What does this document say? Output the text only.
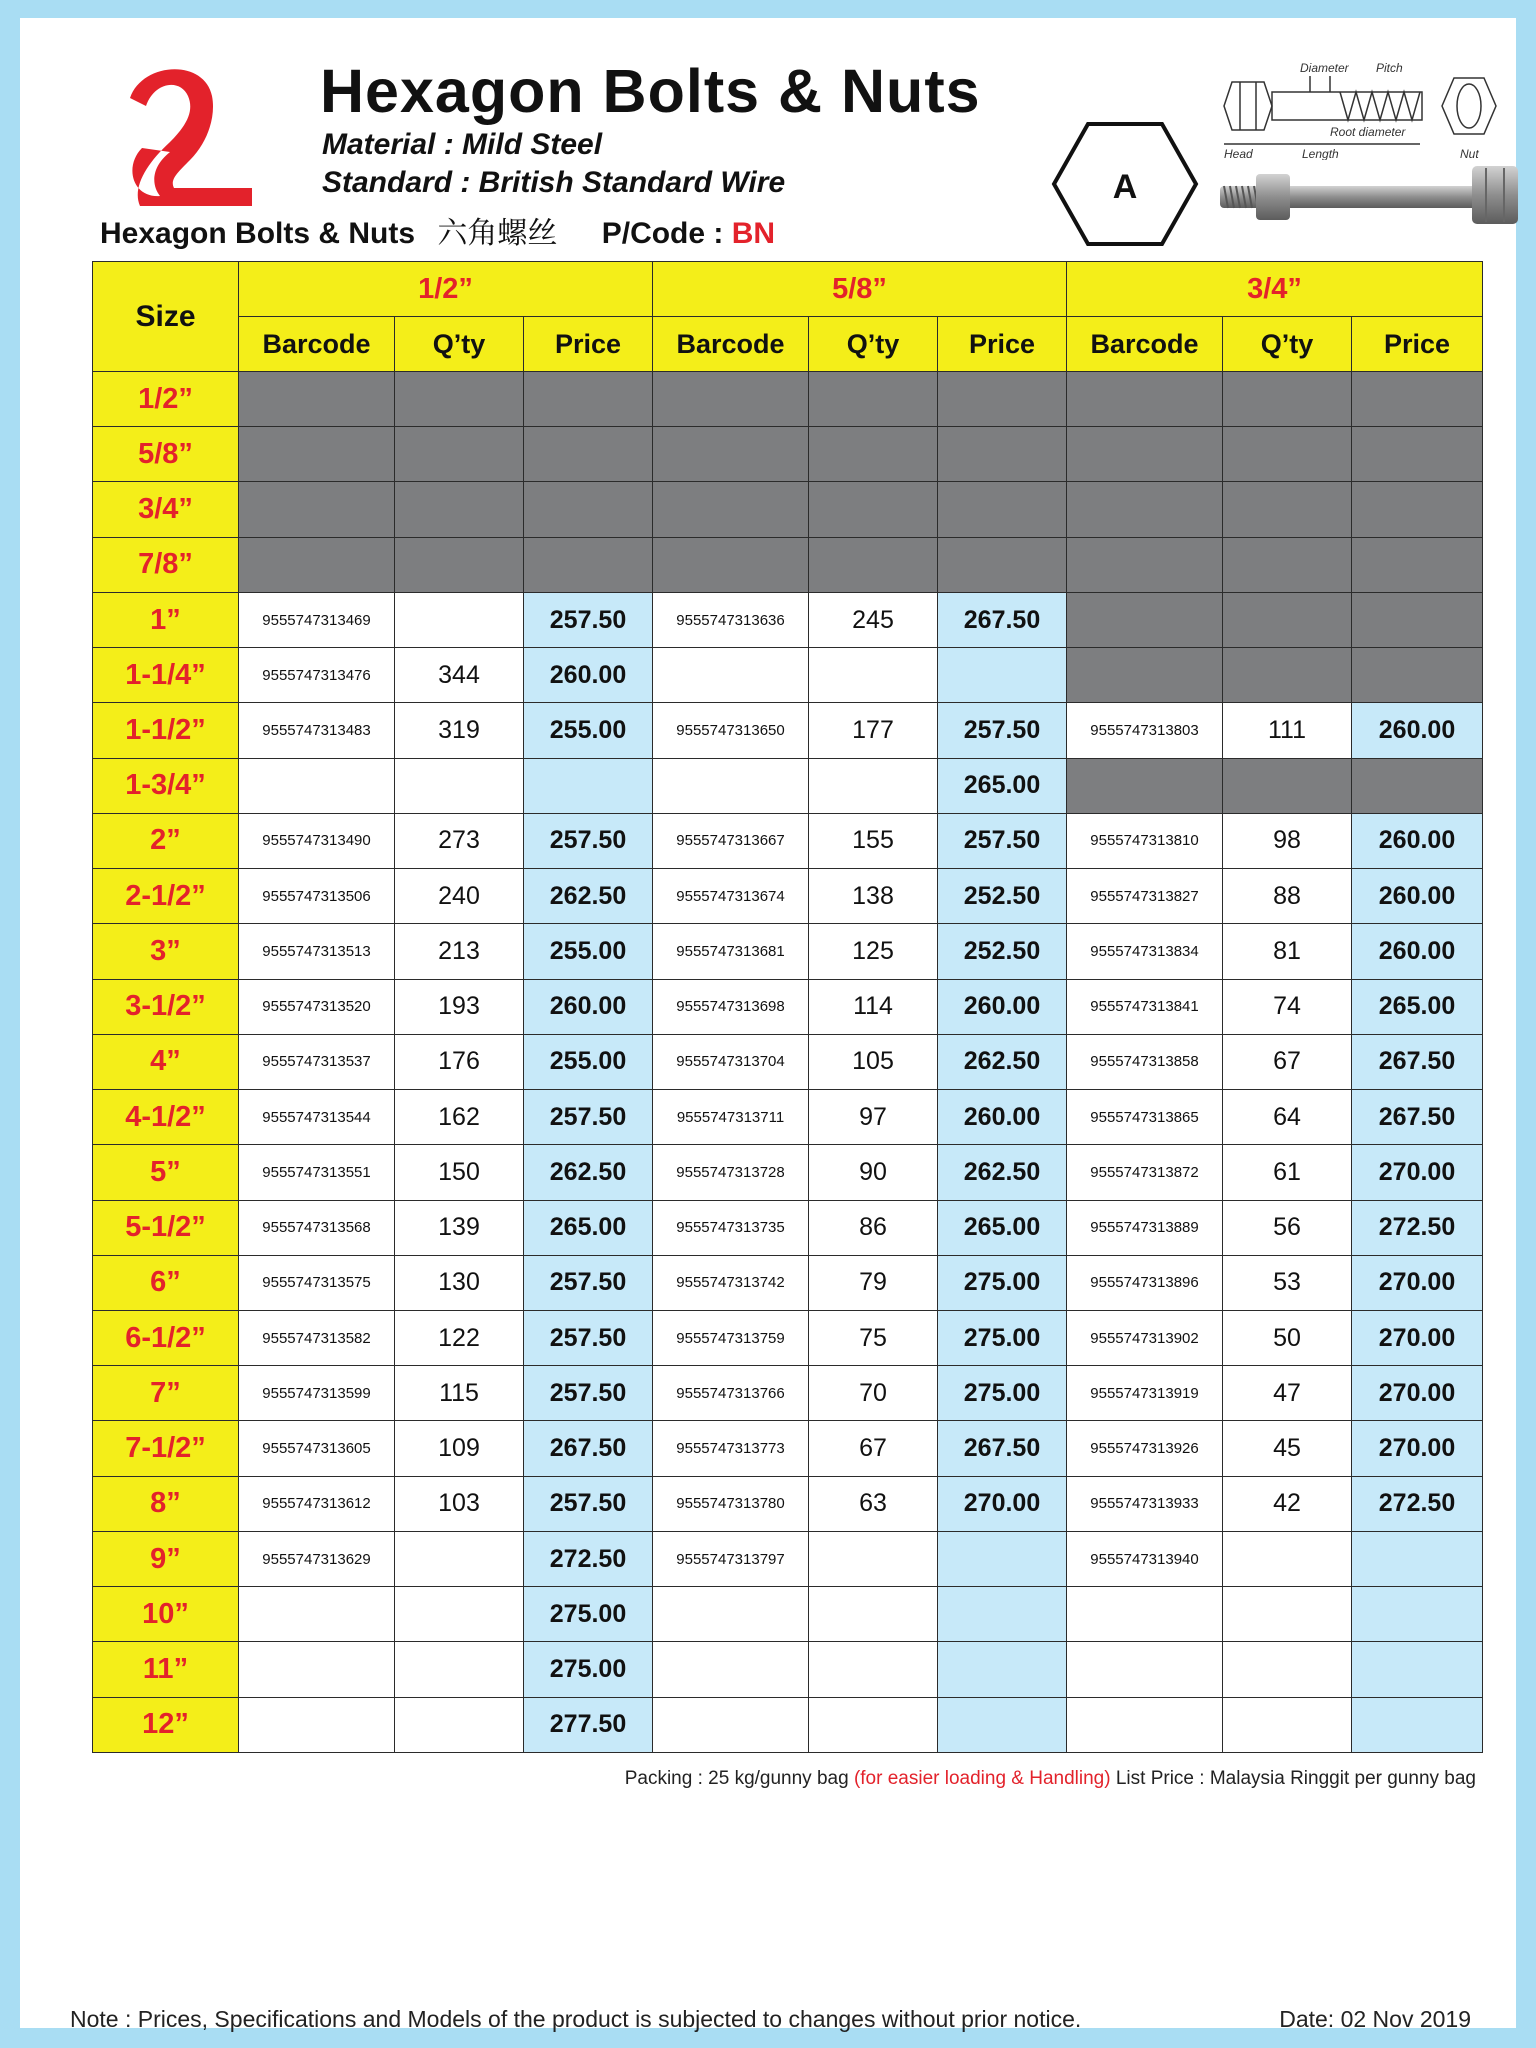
Hexagon Bolts & Nuts
Material : Mild Steel
Standard : British Standard Wire
Hexagon Bolts & Nuts 六角螺丝 P/Code : BN
A
Diameter Pitch
Root diameter
Head	Length	Nut
Size	1/2”			5/8”			3/4”		
	Barcode	Q’ty	Price	Barcode	Q’ty	Price	Barcode	Q’ty	Price
1/2”									
5/8”									
3/4”									
7/8”									
1”	9555747313469		257.50	9555747313636	245	267.50			
1-1/4”	9555747313476	344	260.00						
1-1/2”	9555747313483	319	255.00	9555747313650	177	257.50	9555747313803	111	260.00
1-3/4”						265.00			
2”	9555747313490	273	257.50	9555747313667	155	257.50	9555747313810	98	260.00
2-1/2”	9555747313506	240	262.50	9555747313674	138	252.50	9555747313827	88	260.00
3”	9555747313513	213	255.00	9555747313681	125	252.50	9555747313834	81	260.00
3-1/2”	9555747313520	193	260.00	9555747313698	114	260.00	9555747313841	74	265.00
4”	9555747313537	176	255.00	9555747313704	105	262.50	9555747313858	67	267.50
4-1/2”	9555747313544	162	257.50	9555747313711	97	260.00	9555747313865	64	267.50
5”	9555747313551	150	262.50	9555747313728	90	262.50	9555747313872	61	270.00
5-1/2”	9555747313568	139	265.00	9555747313735	86	265.00	9555747313889	56	272.50
6”	9555747313575	130	257.50	9555747313742	79	275.00	9555747313896	53	270.00
6-1/2”	9555747313582	122	257.50	9555747313759	75	275.00	9555747313902	50	270.00
7”	9555747313599	115	257.50	9555747313766	70	275.00	9555747313919	47	270.00
7-1/2”	9555747313605	109	267.50	9555747313773	67	267.50	9555747313926	45	270.00
8”	9555747313612	103	257.50	9555747313780	63	270.00	9555747313933	42	272.50
9”	9555747313629		272.50	9555747313797			9555747313940		
10”			275.00						
11”			275.00						
12”			277.50						
Packing : 25 kg/gunny bag (for easier loading & Handling) List Price : Malaysia Ringgit per gunny bag
Note : Prices, Specifications and Models of the product is subjected to changes without prior notice.	Date: 02 Nov 2019
